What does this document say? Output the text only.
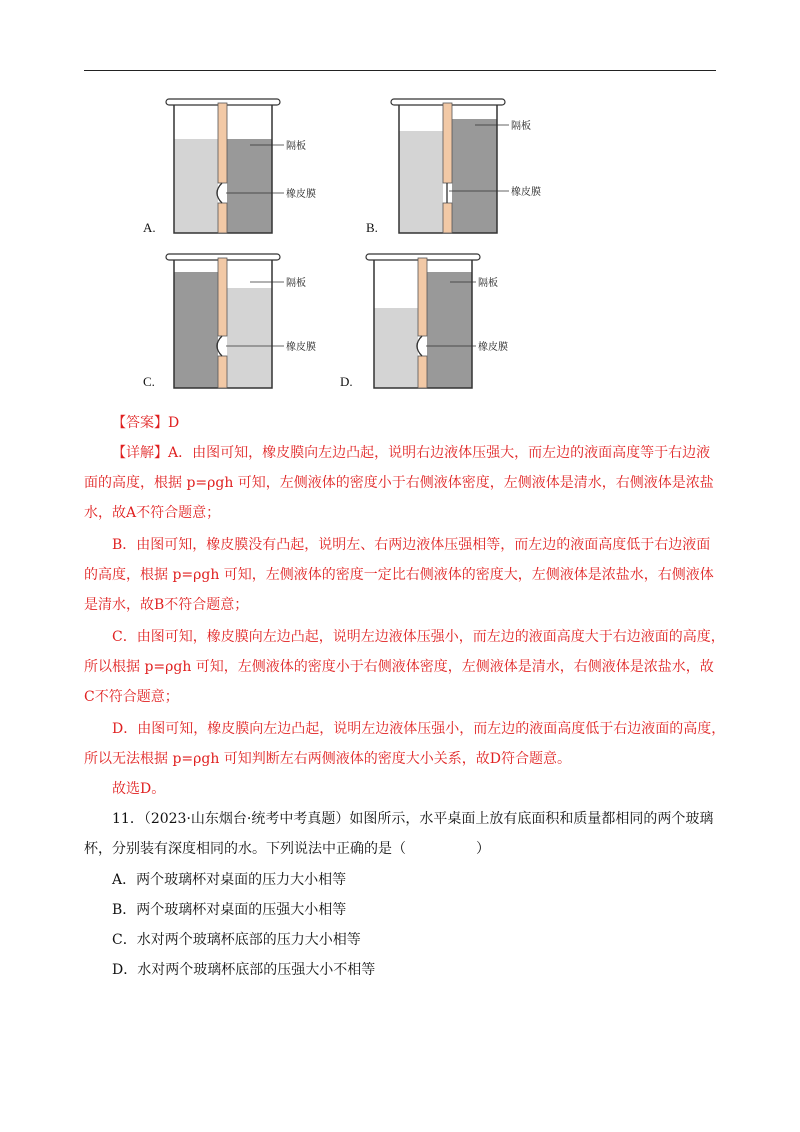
隔板
橡皮膜
A.
隔板
橡皮膜
B.
隔板
橡皮膜
C.
隔板
橡皮膜
D.
【答案】D
【详解】A．由图可知，橡皮膜向左边凸起，说明右边液体压强大，而左边的液面高度等于右边液
面的高度，根据 p=ρgh 可知，左侧液体的密度小于右侧液体密度，左侧液体是清水，右侧液体是浓盐
水，故A不符合题意；
B．由图可知，橡皮膜没有凸起，说明左、右两边液体压强相等，而左边的液面高度低于右边液面
的高度，根据 p=ρgh 可知，左侧液体的密度一定比右侧液体的密度大，左侧液体是浓盐水，右侧液体
是清水，故B不符合题意；
C．由图可知，橡皮膜向左边凸起，说明左边液体压强小，而左边的液面高度大于右边液面的高度，
所以根据 p=ρgh 可知，左侧液体的密度小于右侧液体密度，左侧液体是清水，右侧液体是浓盐水，故
C不符合题意；
D．由图可知，橡皮膜向左边凸起，说明左边液体压强小，而左边的液面高度低于右边液面的高度，
所以无法根据 p=ρgh 可知判断左右两侧液体的密度大小关系，故D符合题意。
故选D。
11．（2023·山东烟台·统考中考真题）如图所示，水平桌面上放有底面积和质量都相同的两个玻璃
杯，分别装有深度相同的水。下列说法中正确的是（　　　　　）
A．两个玻璃杯对桌面的压力大小相等
B．两个玻璃杯对桌面的压强大小相等
C．水对两个玻璃杯底部的压力大小相等
D．水对两个玻璃杯底部的压强大小不相等
